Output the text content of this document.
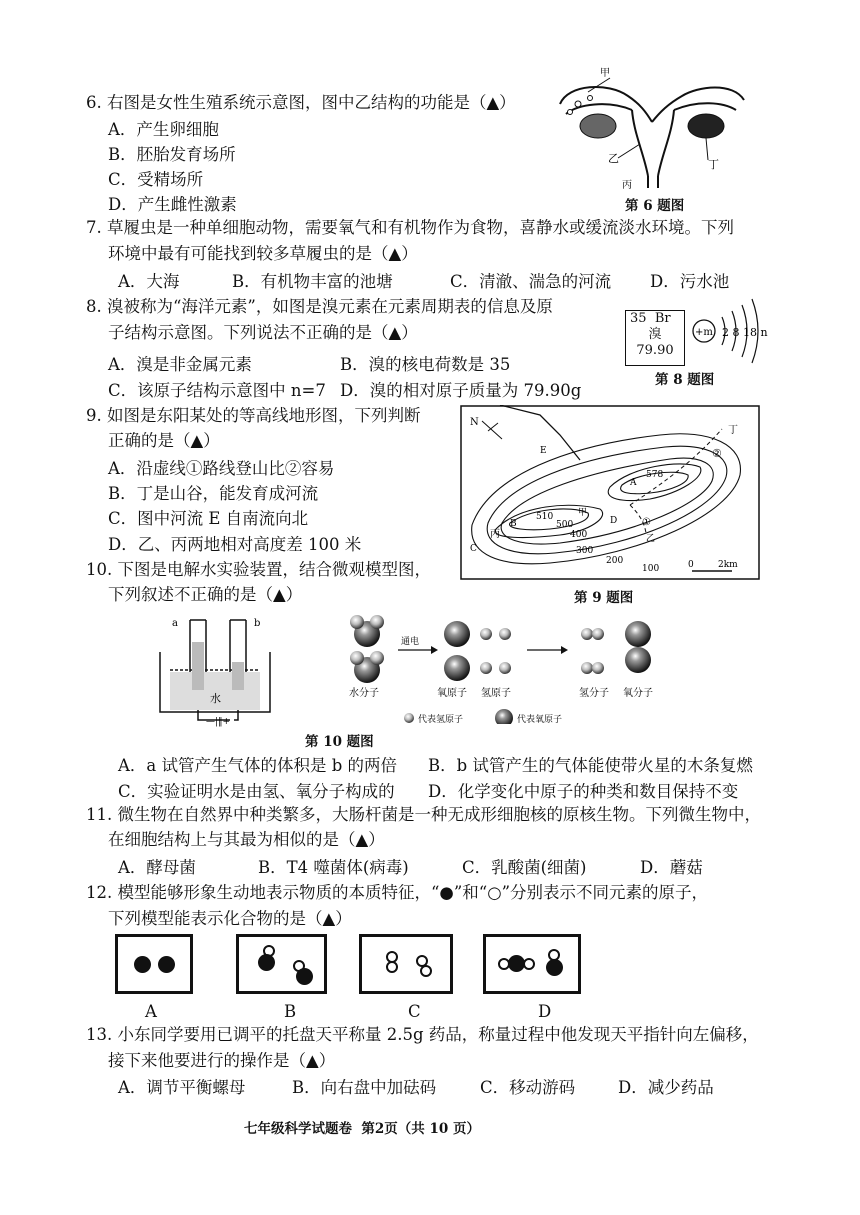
6. 右图是女性生殖系统示意图，图中乙结构的功能是（▲）
A．产生卵细胞
B．胚胎发育场所
C．受精场所
D．产生雌性激素
甲
乙
丙
丁
第 6 题图
7. 草履虫是一种单细胞动物，需要氧气和有机物作为食物，喜静水或缓流淡水环境。下列
环境中最有可能找到较多草履虫的是（▲）
A．大海	B．有机物丰富的池塘	C．清澈、湍急的河流 D．污水池
8. 溴被称为“海洋元素”，如图是溴元素在元素周期表的信息及原
子结构示意图。下列说法不正确的是（▲）
A．溴是非金属元素	B．溴的核电荷数是 35
C．该原子结构示意图中 n=7 D．溴的相对原子质量为 79.90g
35 Br
溴
79.90
+m 2 8 18 n
第 8 题图
9. 如图是东阳某处的等高线地形图，下列判断
正确的是（▲）
A．沿虚线①路线登山比②容易
B．丁是山谷，能发育成河流
C．图中河流 E 自南流向北
D．乙、丙两地相对高度差 100 米
N
E
丁
②
578
A
B
510	甲
500	D ①
丙	400
C
乙
300
200
100	0	2km
第 9 题图
10. 下图是电解水实验装置，结合微观模型图，
下列叙述不正确的是（▲）
a	b
水
—|‖+
水分子
通电
氧原子 氢原子	氢分子 氧分子
代表氢原子	代表氧原子
第 10 题图
A．a 试管产生气体的体积是 b 的两倍 B．b 试管产生的气体能使带火星的木条复燃
C．实验证明水是由氢、氧分子构成的 D．化学变化中原子的种类和数目保持不变
11. 微生物在自然界中种类繁多，大肠杆菌是一种无成形细胞核的原核生物。下列微生物中，
在细胞结构上与其最为相似的是（▲）
A．酵母菌	B．T4 噬菌体(病毒)	C．乳酸菌(细菌)	D．蘑菇
12. 模型能够形象生动地表示物质的本质特征，“●”和“○”分别表示不同元素的原子，
下列模型能表示化合物的是（▲）
A	B	C	D
13. 小东同学要用已调平的托盘天平称量 2.5g 药品，称量过程中他发现天平指针向左偏移，
接下来他要进行的操作是（▲）
A．调节平衡螺母	B．向右盘中加砝码	C．移动游码	D．减少药品
七年级科学试题卷  第2页（共 10 页）
